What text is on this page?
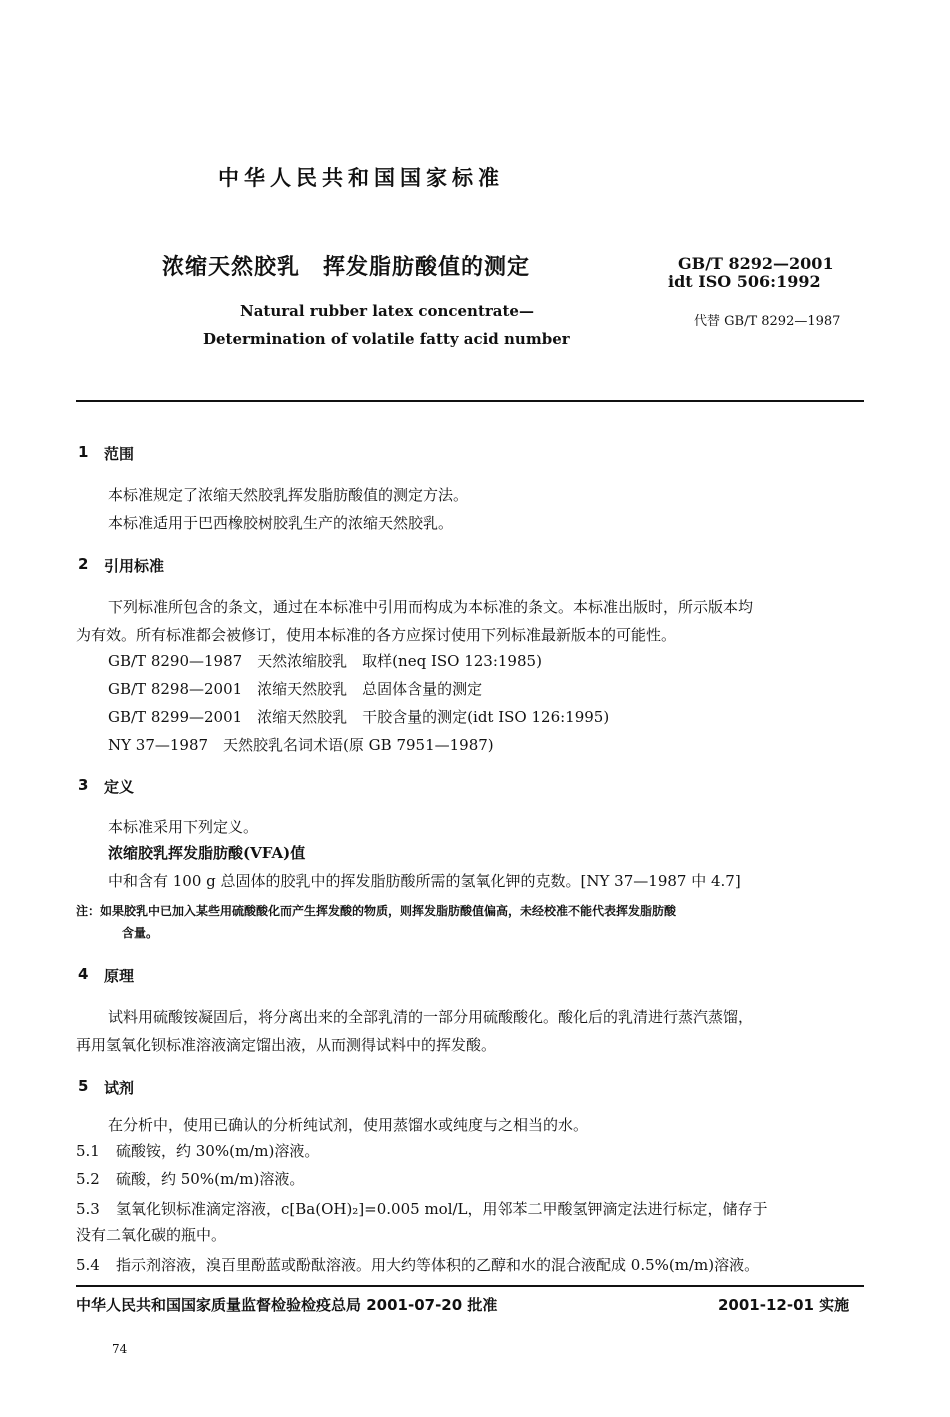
中华人民共和国国家标准
浓缩天然胶乳　挥发脂肪酸值的测定	GB/T 8292—2001
idt ISO 506:1992
Natural rubber latex concentrate—
Determination of volatile fatty acid number
代替 GB/T 8292—1987
1 范围
本标准规定了浓缩天然胶乳挥发脂肪酸值的测定方法。
本标准适用于巴西橡胶树胶乳生产的浓缩天然胶乳。
2 引用标准
下列标准所包含的条文，通过在本标准中引用而构成为本标准的条文。本标准出版时，所示版本均
为有效。所有标准都会被修订，使用本标准的各方应探讨使用下列标准最新版本的可能性。
GB/T 8290—1987　天然浓缩胶乳　取样(neq ISO 123:1985)
GB/T 8298—2001　浓缩天然胶乳　总固体含量的测定
GB/T 8299—2001　浓缩天然胶乳　干胶含量的测定(idt ISO 126:1995)
NY 37—1987　天然胶乳名词术语(原 GB 7951—1987)
3 定义
本标准采用下列定义。
浓缩胶乳挥发脂肪酸(VFA)值
中和含有 100 g 总固体的胶乳中的挥发脂肪酸所需的氢氧化钾的克数。[NY 37—1987 中 4.7]
注：如果胶乳中已加入某些用硫酸酸化而产生挥发酸的物质，则挥发脂肪酸值偏高，未经校准不能代表挥发脂肪酸
含量。
4 原理
试料用硫酸铵凝固后，将分离出来的全部乳清的一部分用硫酸酸化。酸化后的乳清进行蒸汽蒸馏，
再用氢氧化钡标准溶液滴定馏出液，从而测得试料中的挥发酸。
5 试剂
在分析中，使用已确认的分析纯试剂，使用蒸馏水或纯度与之相当的水。
5.1 硫酸铵，约 30%(m/m)溶液。
5.2 硫酸，约 50%(m/m)溶液。
5.3 氢氧化钡标准滴定溶液，c[Ba(OH)₂]=0.005 mol/L，用邻苯二甲酸氢钾滴定法进行标定，储存于
没有二氧化碳的瓶中。
5.4 指示剂溶液，溴百里酚蓝或酚酞溶液。用大约等体积的乙醇和水的混合液配成 0.5%(m/m)溶液。
中华人民共和国国家质量监督检验检疫总局 2001-07-20 批准	2001-12-01 实施
74
